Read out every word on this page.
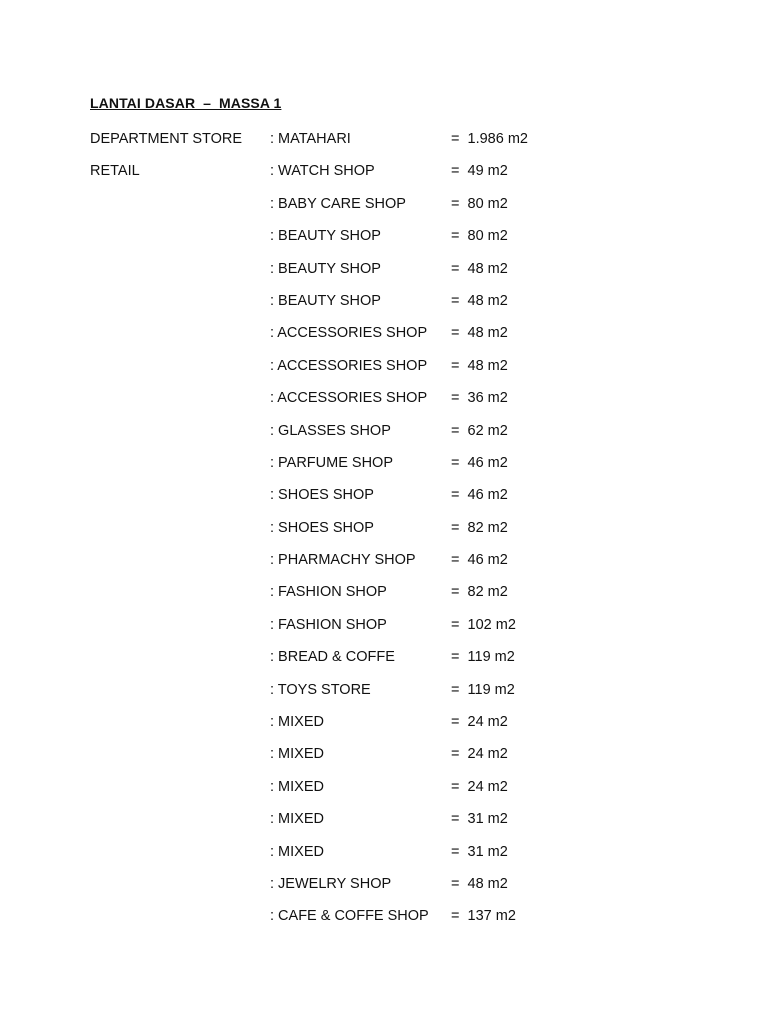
LANTAI DASAR  –  MASSA 1
DEPARTMENT STORE : MATAHARI	=  1.986 m2
RETAIL	: WATCH SHOP	=  49 m2
: BABY CARE SHOP	=  80 m2
: BEAUTY SHOP	=  80 m2
: BEAUTY SHOP	=  48 m2
: BEAUTY SHOP	=  48 m2
: ACCESSORIES SHOP =  48 m2
: ACCESSORIES SHOP =  48 m2
: ACCESSORIES SHOP =  36 m2
: GLASSES SHOP	=  62 m2
: PARFUME SHOP	=  46 m2
: SHOES SHOP	=  46 m2
: SHOES SHOP	=  82 m2
: PHARMACHY SHOP =  46 m2
: FASHION SHOP	=  82 m2
: FASHION SHOP	=  102 m2
: BREAD & COFFE	=  119 m2
: TOYS STORE	=  119 m2
: MIXED	=  24 m2
: MIXED	=  24 m2
: MIXED	=  24 m2
: MIXED	=  31 m2
: MIXED	=  31 m2
: JEWELRY SHOP	=  48 m2
: CAFE & COFFE SHOP =  137 m2
